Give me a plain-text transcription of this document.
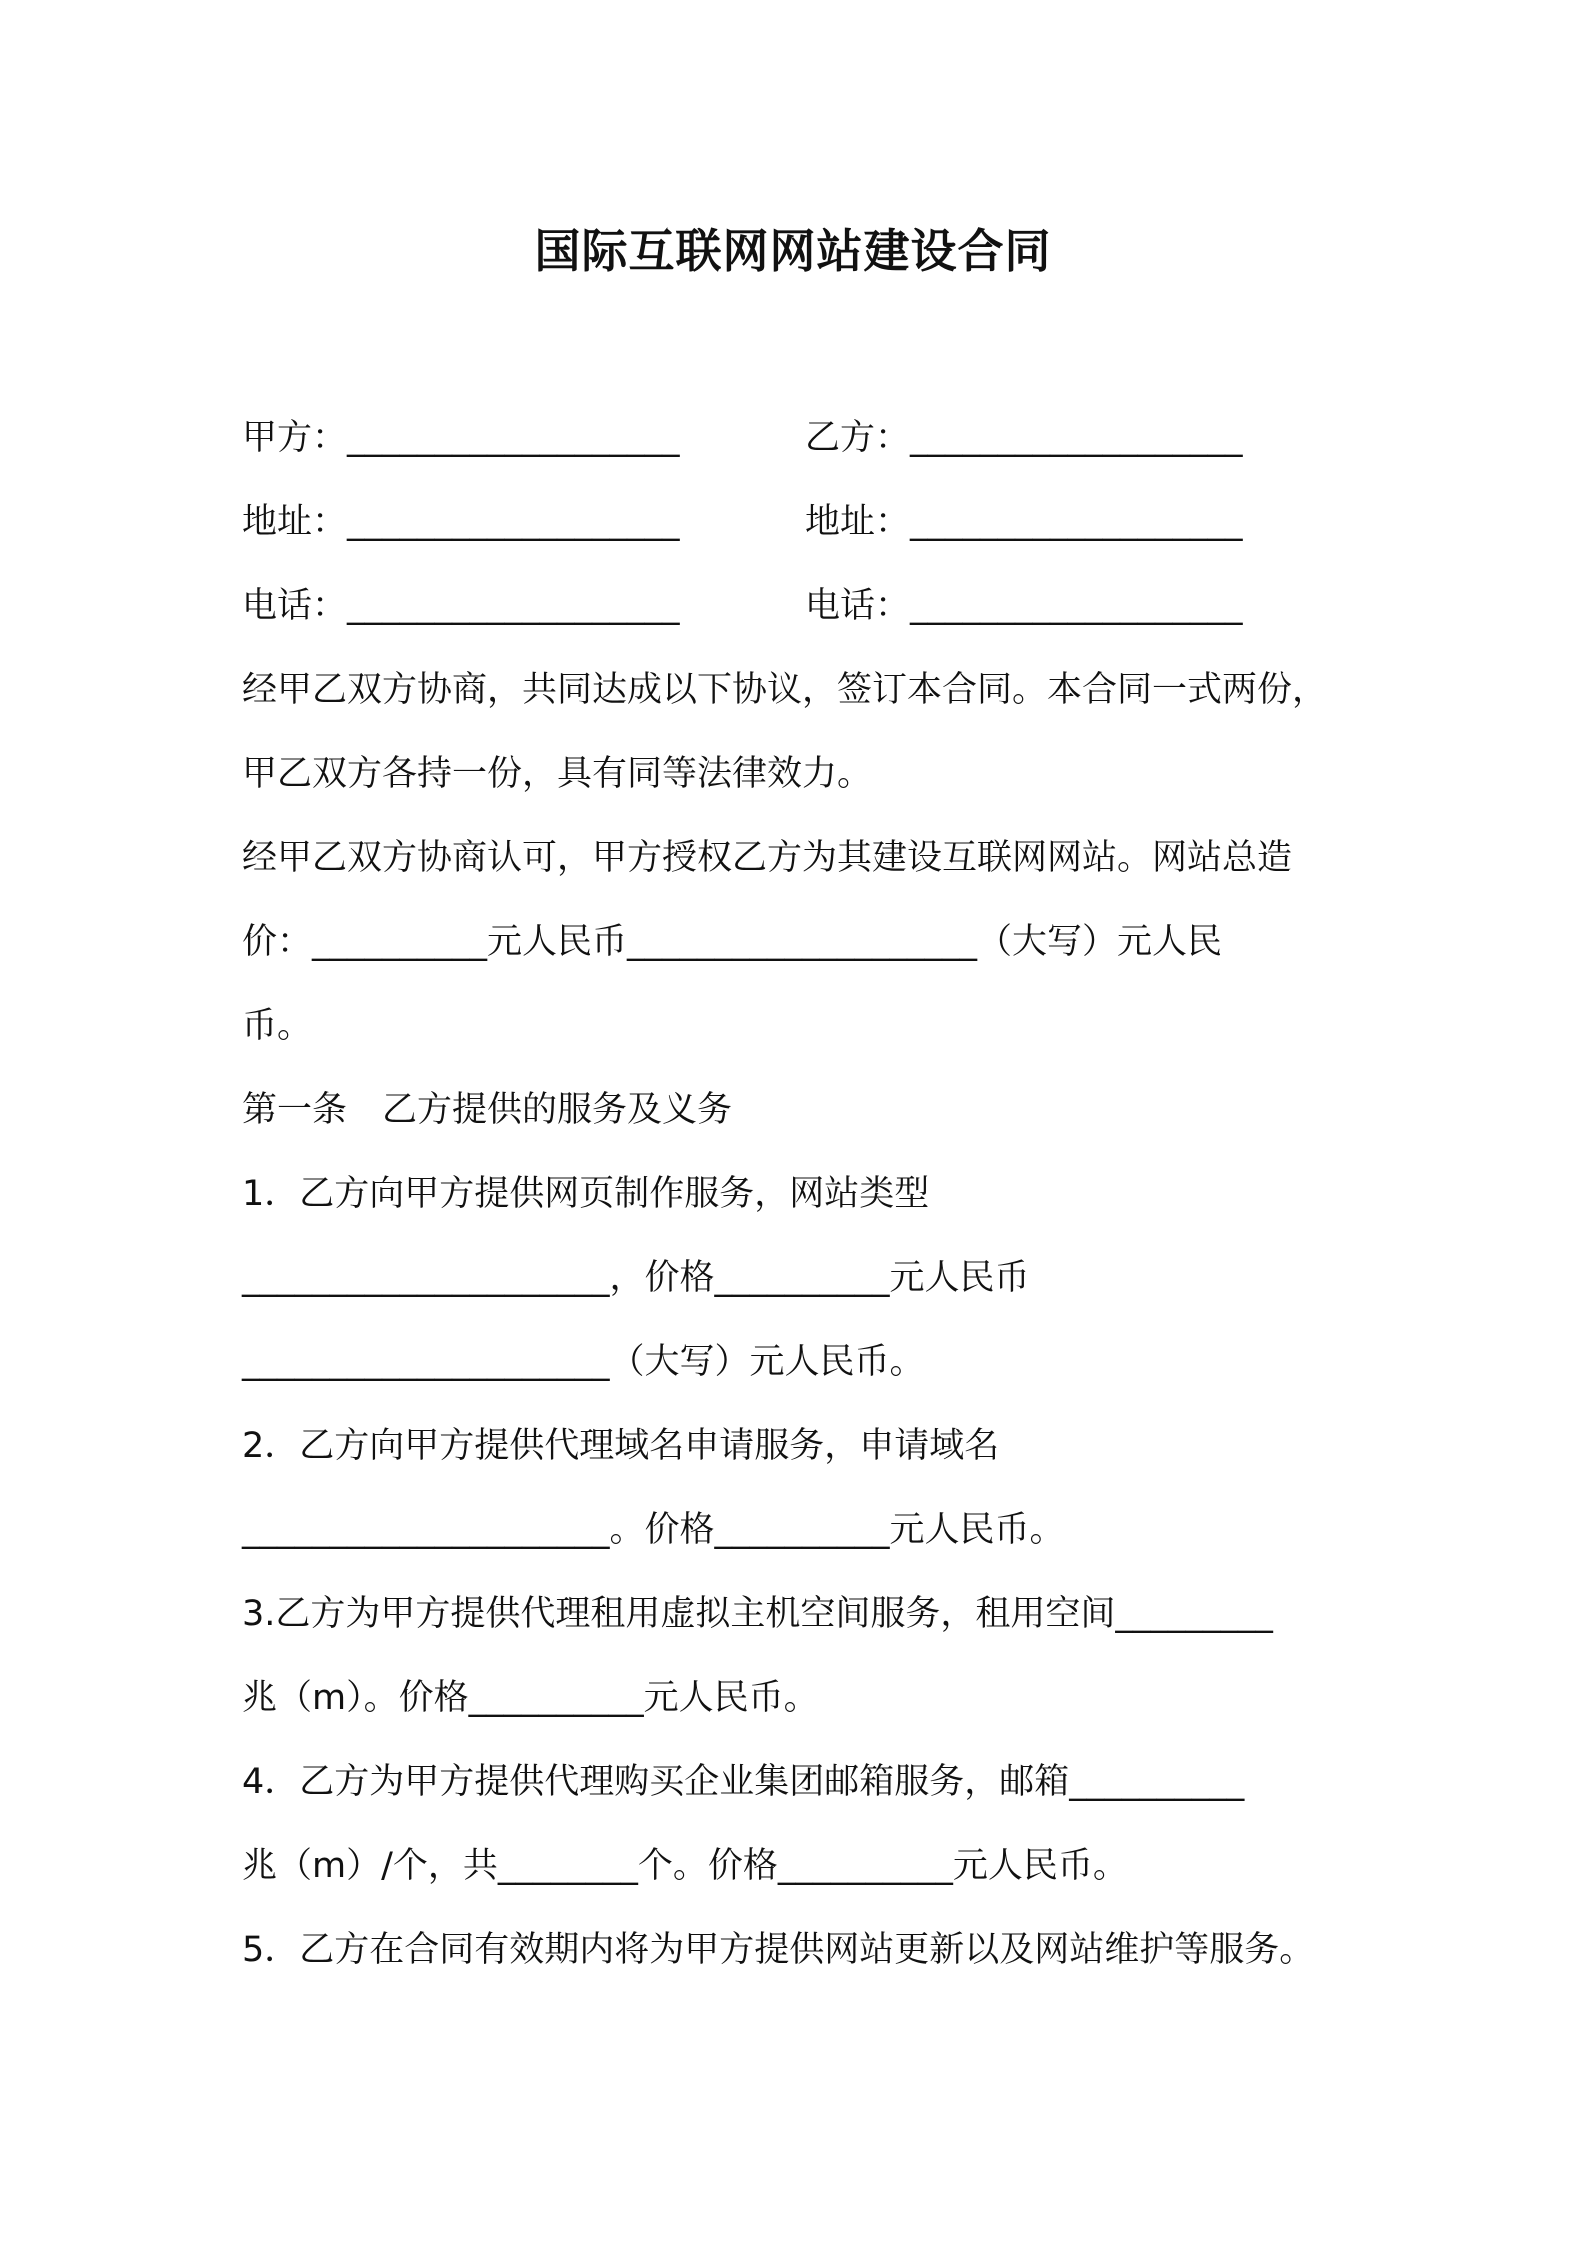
国际互联网网站建设合同
甲方：___________________	乙方：___________________
地址：___________________	地址：___________________
电话：___________________	电话：___________________
经甲乙双方协商，共同达成以下协议，签订本合同。本合同一式两份，
甲乙双方各持一份，具有同等法律效力。
经甲乙双方协商认可，甲方授权乙方为其建设互联网网站。网站总造
价：__________元人民币____________________（大写）元人民
币。
第一条　乙方提供的服务及义务
1．乙方向甲方提供网页制作服务，网站类型
_____________________，价格__________元人民币
_____________________（大写）元人民币。
2．乙方向甲方提供代理域名申请服务，申请域名
_____________________。价格__________元人民币。
3.乙方为甲方提供代理租用虚拟主机空间服务，租用空间_________
兆（m）。价格__________元人民币。
4．乙方为甲方提供代理购买企业集团邮箱服务，邮箱__________
兆（m）/个，共________个。价格__________元人民币。
5．乙方在合同有效期内将为甲方提供网站更新以及网站维护等服务。
